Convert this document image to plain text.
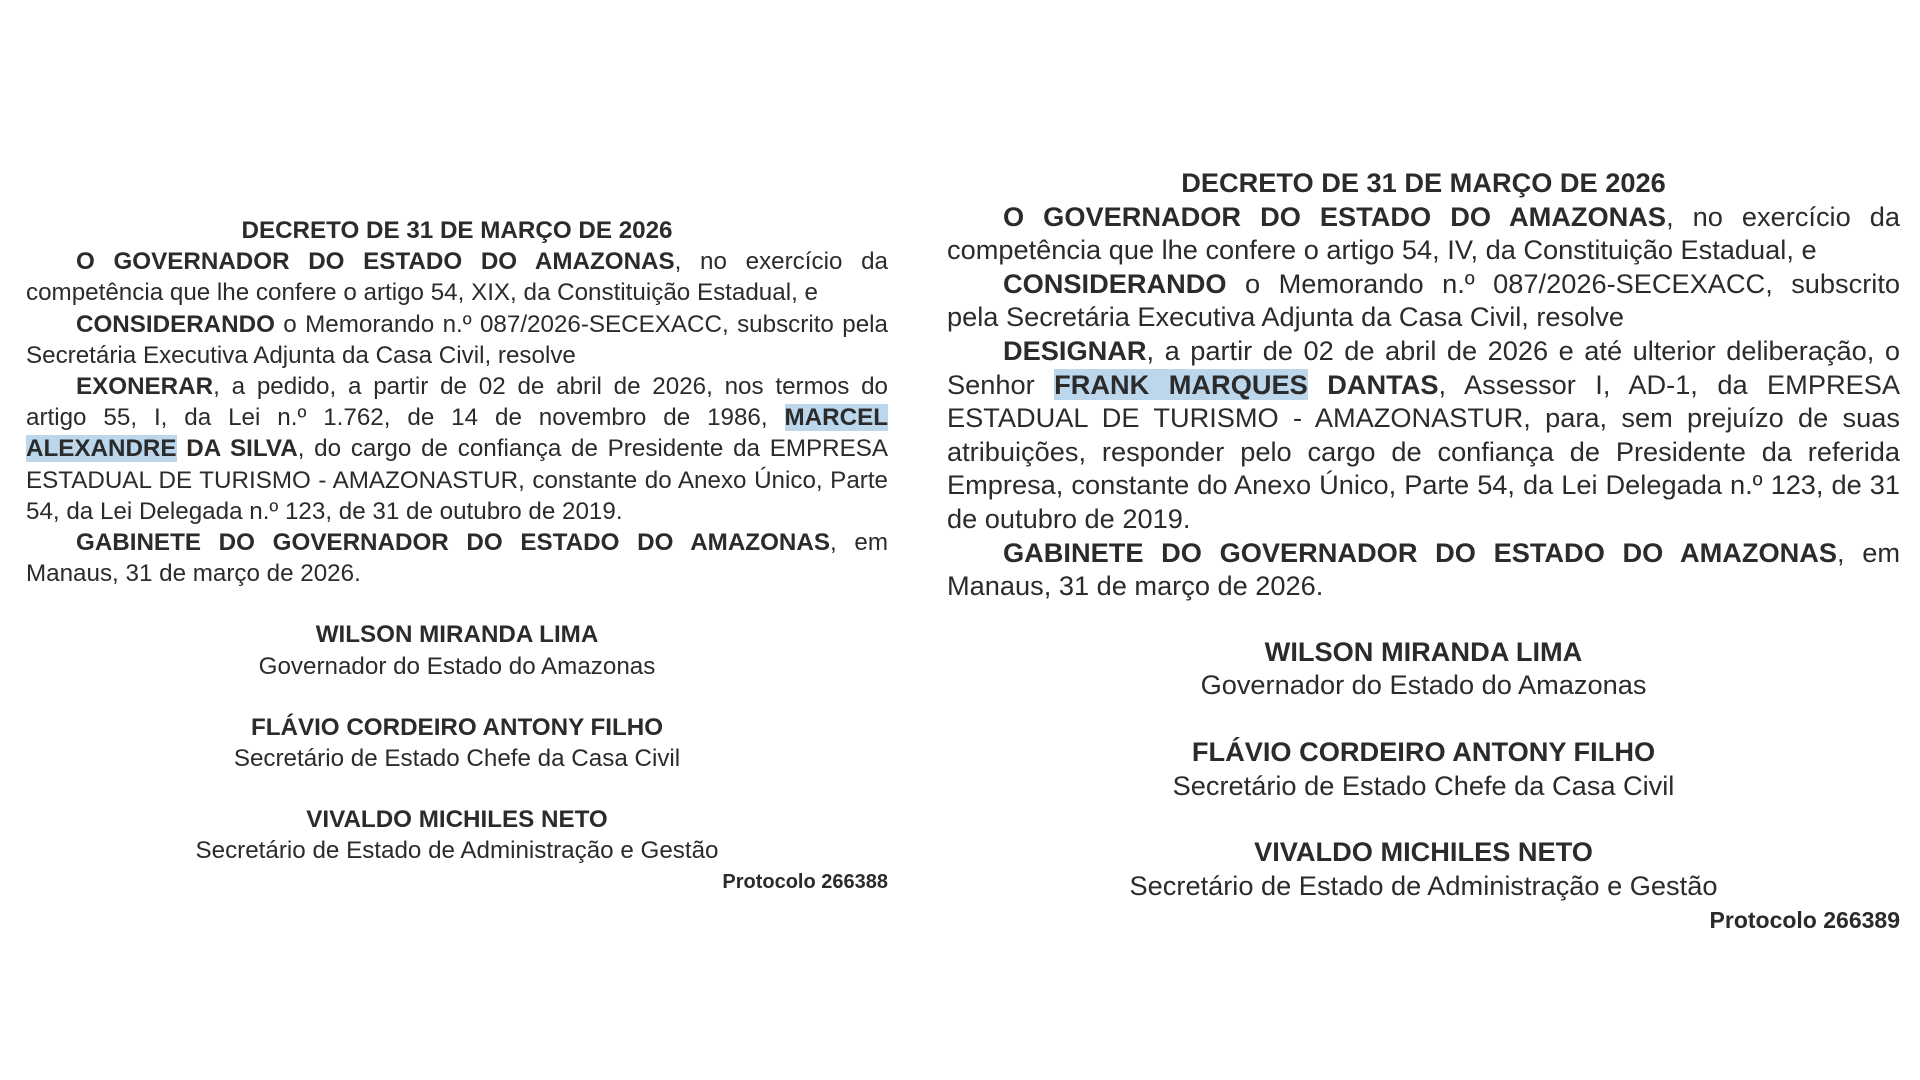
DECRETO DE 31 DE MARÇO DE 2026

O GOVERNADOR DO ESTADO DO AMAZONAS, no exercício da competência que lhe confere o artigo 54, XIX, da Constituição Estadual, e

CONSIDERANDO o Memorando n.º 087/2026-SECEXACC, subscrito pela Secretária Executiva Adjunta da Casa Civil, resolve

EXONERAR, a pedido, a partir de 02 de abril de 2026, nos termos do artigo 55, I, da Lei n.º 1.762, de 14 de novembro de 1986, MARCEL ALEXANDRE DA SILVA, do cargo de confiança de Presidente da EMPRESA ESTADUAL DE TURISMO - AMAZONASTUR, constante do Anexo Único, Parte 54, da Lei Delegada n.º 123, de 31 de outubro de 2019.

GABINETE DO GOVERNADOR DO ESTADO DO AMAZONAS, em Manaus, 31 de março de 2026.

WILSON MIRANDA LIMA

Governador do Estado do Amazonas

FLÁVIO CORDEIRO ANTONY FILHO

Secretário de Estado Chefe da Casa Civil

VIVALDO MICHILES NETO

Secretário de Estado de Administração e Gestão

Protocolo 266388

DECRETO DE 31 DE MARÇO DE 2026

O GOVERNADOR DO ESTADO DO AMAZONAS, no exercício da competência que lhe confere o artigo 54, IV, da Constituição Estadual, e

CONSIDERANDO o Memorando n.º 087/2026-SECEXACC, subscrito pela Secretária Executiva Adjunta da Casa Civil, resolve

DESIGNAR, a partir de 02 de abril de 2026 e até ulterior deliberação, o Senhor FRANK MARQUES DANTAS, Assessor I, AD-1, da EMPRESA ESTADUAL DE TURISMO - AMAZONASTUR, para, sem prejuízo de suas atribuições, responder pelo cargo de confiança de Presidente da referida Empresa, constante do Anexo Único, Parte 54, da Lei Delegada n.º 123, de 31 de outubro de 2019.

GABINETE DO GOVERNADOR DO ESTADO DO AMAZONAS, em Manaus, 31 de março de 2026.

WILSON MIRANDA LIMA

Governador do Estado do Amazonas

FLÁVIO CORDEIRO ANTONY FILHO

Secretário de Estado Chefe da Casa Civil

VIVALDO MICHILES NETO

Secretário de Estado de Administração e Gestão

Protocolo 266389
